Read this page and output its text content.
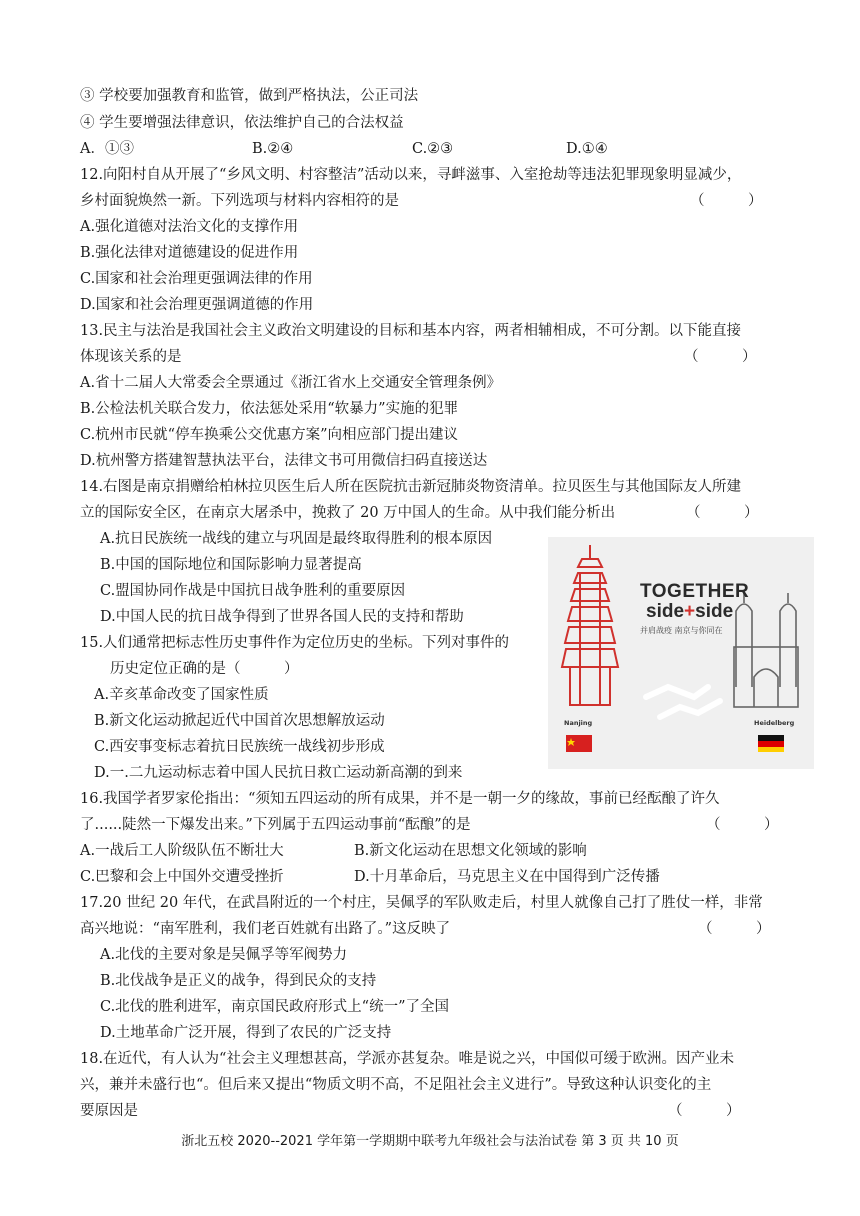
③ 学校要加强教育和监管，做到严格执法，公正司法
④ 学生要增强法律意识，依法维护自己的合法权益
A．①③	B.②④	C.②③	D.①④
12.向阳村自从开展了“乡风文明、村容整洁”活动以来，寻衅滋事、入室抢劫等违法犯罪现象明显减少，
乡村面貌焕然一新。下列选项与材料内容相符的是	（　　　）
A.强化道德对法治文化的支撑作用
B.强化法律对道德建设的促进作用
C.国家和社会治理更强调法律的作用
D.国家和社会治理更强调道德的作用
13.民主与法治是我国社会主义政治文明建设的目标和基本内容，两者相辅相成，不可分割。以下能直接
体现该关系的是	（　　　）
A.省十二届人大常委会全票通过《浙江省水上交通安全管理条例》
B.公检法机关联合发力，依法惩处采用“软暴力”实施的犯罪
C.杭州市民就“停车换乘公交优惠方案”向相应部门提出建议
D.杭州警方搭建智慧执法平台，法律文书可用微信扫码直接送达
14.右图是南京捐赠给柏林拉贝医生后人所在医院抗击新冠肺炎物资清单。拉贝医生与其他国际友人所建
立的国际安全区，在南京大屠杀中，挽救了 20 万中国人的生命。从中我们能分析出	（　　　）
A.抗日民族统一战线的建立与巩固是最终取得胜利的根本原因
B.中国的国际地位和国际影响力显著提高
C.盟国协同作战是中国抗日战争胜利的重要原因
D.中国人民的抗日战争得到了世界各国人民的支持和帮助
15.人们通常把标志性历史事件作为定位历史的坐标。下列对事件的
历史定位正确的是（　　　）
A.辛亥革命改变了国家性质
B.新文化运动掀起近代中国首次思想解放运动
C.西安事变标志着抗日民族统一战线初步形成
D.一.二九运动标志着中国人民抗日救亡运动新高潮的到来
16.我国学者罗家伦指出：“须知五四运动的所有成果，并不是一朝一夕的缘故，事前已经酝酿了许久
了......陡然一下爆发出来。”下列属于五四运动事前“酝酿”的是	（　　　）
A.一战后工人阶级队伍不断壮大	B.新文化运动在思想文化领域的影响
C.巴黎和会上中国外交遭受挫折	D.十月革命后，马克思主义在中国得到广泛传播
17.20 世纪 20 年代，在武昌附近的一个村庄，吴佩孚的军队败走后，村里人就像自己打了胜仗一样，非常
高兴地说：“南军胜利，我们老百姓就有出路了。”这反映了	（　　　）
A.北伐的主要对象是吴佩孚等军阀势力
B.北伐战争是正义的战争，得到民众的支持
C.北伐的胜利进军，南京国民政府形式上“统一”了全国
D.土地革命广泛开展，得到了农民的广泛支持
18.在近代，有人认为“社会主义理想甚高，学派亦甚复杂。唯是说之兴，中国似可缓于欧洲。因产业未
兴，兼并未盛行也“。但后来又提出“物质文明不高，不足阻社会主义进行”。导致这种认识变化的主
要原因是	（　　　）
TOGETHER
side+side
并肩战疫 南京与你同在
Nanjing	Heidelberg
浙北五校 2020--2021 学年第一学期期中联考九年级社会与法治试卷 第 3 页 共 10 页
